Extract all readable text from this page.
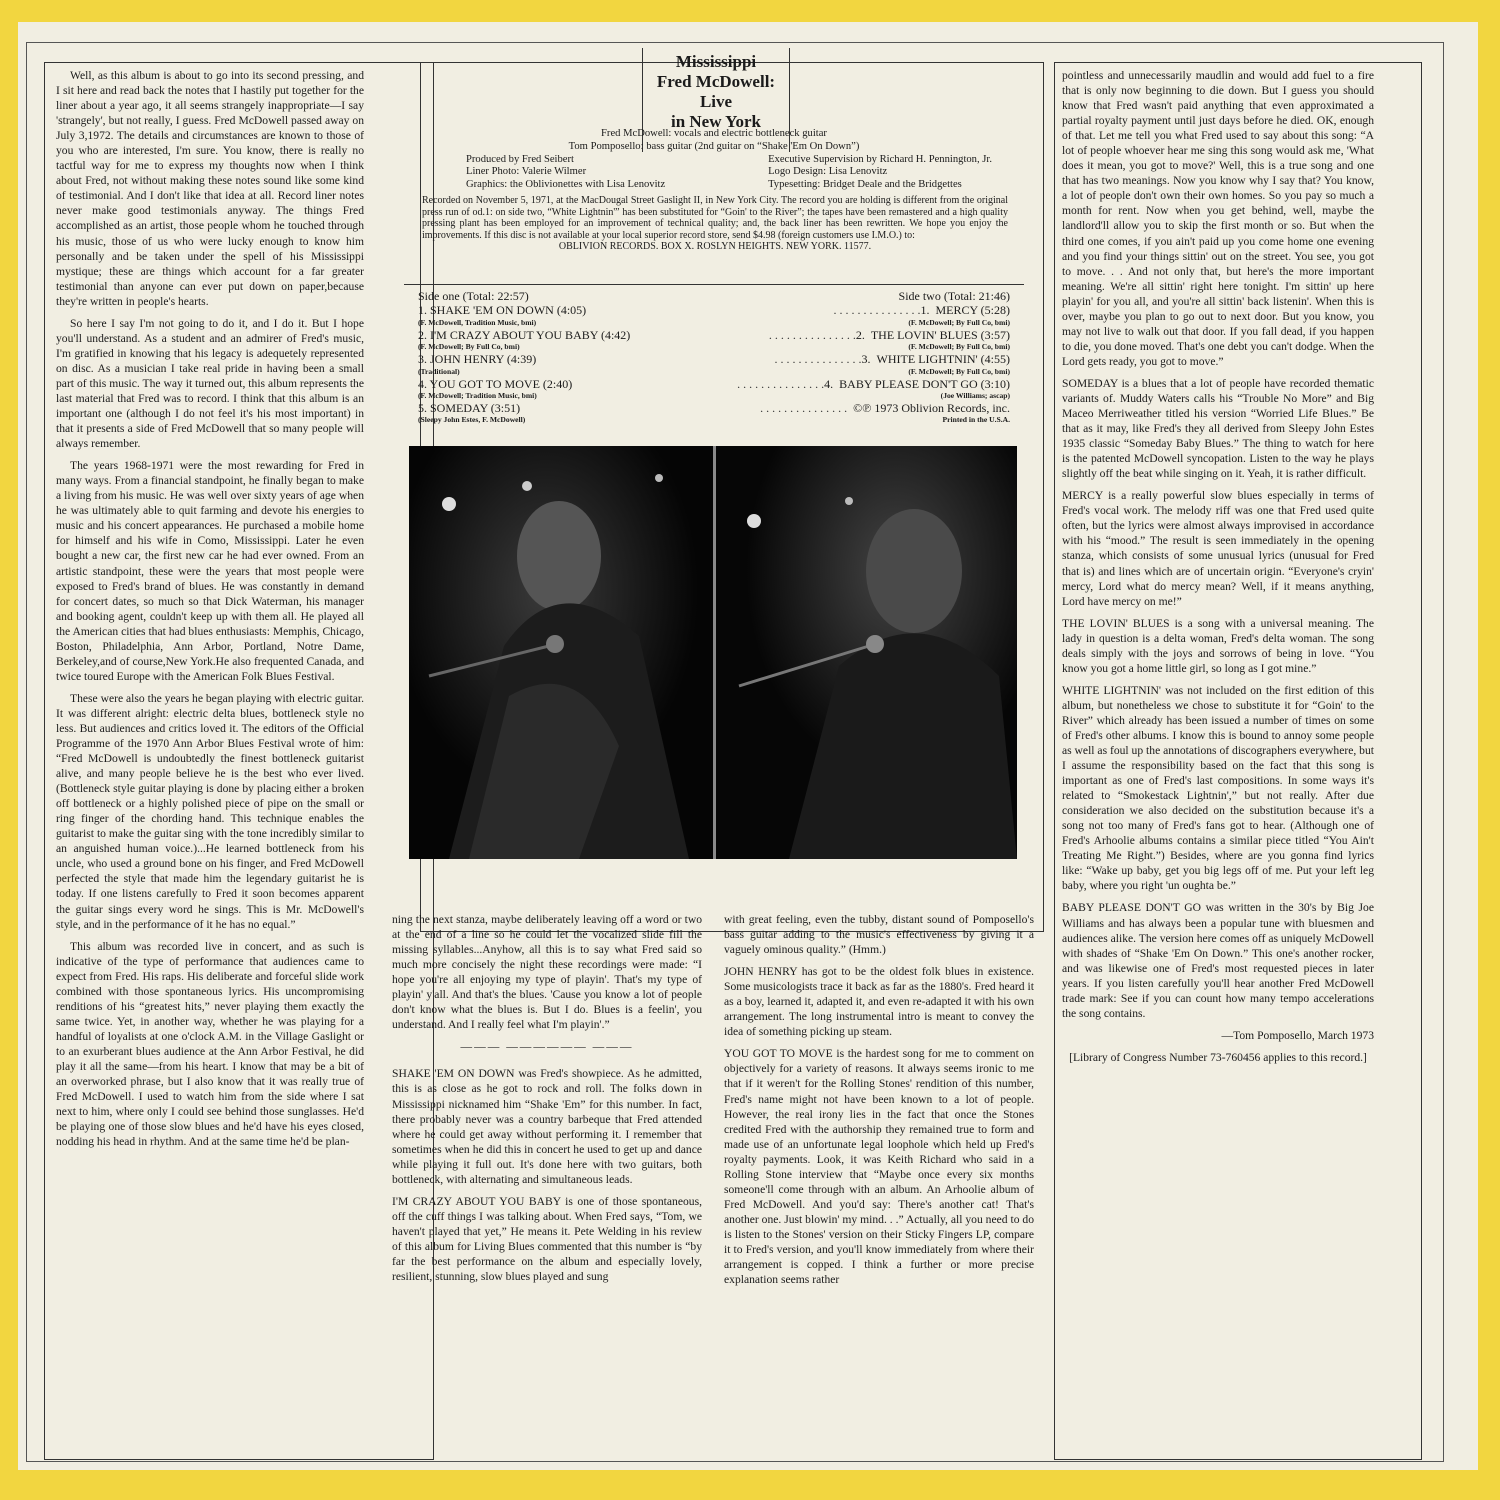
Mississippi
Fred McDowell:
Live
in New York
Fred McDowell: vocals and electric bottleneck guitar
Tom Pomposello: bass guitar (2nd guitar on “Shake 'Em On Down”)
Produced by Fred Seibert
Liner Photo: Valerie Wilmer
Graphics: the Oblivionettes with Lisa Lenovitz
Executive Supervision by Richard H. Pennington, Jr.
Logo Design: Lisa Lenovitz
Typesetting: Bridget Deale and the Bridgettes
Recorded on November 5, 1971, at the MacDougal Street Gaslight II, in New York City. The record you are holding is different from the original press run of od.1: on side two, “White Lightnin'” has been substituted for “Goin' to the River”; the tapes have been remastered and a high quality pressing plant has been employed for an improvement of technical quality; and, the back liner has been rewritten. We hope you enjoy the improvements. If this disc is not available at your local superior record store, send $4.98 (foreign customers use I.M.O.) to:
OBLIVION RECORDS. BOX X. ROSLYN HEIGHTS. NEW YORK. 11577.
Side one (Total: 22:57)	Side two (Total: 21:46)
1. SHAKE 'EM ON DOWN (4:05)	. . . . . . . . . . . . . . . 1. MERCY (5:28)
(F. McDowell, Tradition Music, bmi)	(F. McDowell; By Full Co, bmi)
2. I'M CRAZY ABOUT YOU BABY (4:42)	. . . . . . . . . . . . . . . 2. THE LOVIN' BLUES (3:57)
(F. McDowell; By Full Co, bmi)	(F. McDowell; By Full Co, bmi)
3. JOHN HENRY (4:39)	. . . . . . . . . . . . . . . 3. WHITE LIGHTNIN' (4:55)
(Traditional)	(F. McDowell; By Full Co, bmi)
4. YOU GOT TO MOVE (2:40)	. . . . . . . . . . . . . . . 4. BABY PLEASE DON'T GO (3:10)
(F. McDowell; Tradition Music, bmi)	(Joe Williams; ascap)
5. SOMEDAY (3:51)	. . . . . . . . . . . . . . . ©℗ 1973 Oblivion Records, inc.
(Sleepy John Estes, F. McDowell)	Printed in the U.S.A.

Well, as this album is about to go into its second pressing, and I sit here and read back the notes that I hastily put together for the liner about a year ago, it all seems strangely inappropriate—I say 'strangely', but not really, I guess. Fred McDowell passed away on July 3,1972. The details and circumstances are known to those of you who are interested, I'm sure. You know, there is really no tactful way for me to express my thoughts now when I think about Fred, not without making these notes sound like some kind of testimonial. And I don't like that idea at all. Record liner notes never make good testimonials anyway. The things Fred accomplished as an artist, those people whom he touched through his music, those of us who were lucky enough to know him personally and be taken under the spell of his Mississippi mystique; these are things which account for a far greater testimonial than anyone can ever put down on paper,because they're written in people's hearts.

So here I say I'm not going to do it, and I do it. But I hope you'll understand. As a student and an admirer of Fred's music, I'm gratified in knowing that his legacy is adequetely represented on disc. As a musician I take real pride in having been a small part of this music. The way it turned out, this album represents the last material that Fred was to record. I think that this album is an important one (although I do not feel it's his most important) in that it presents a side of Fred McDowell that so many people will always remember.

The years 1968-1971 were the most rewarding for Fred in many ways. From a financial standpoint, he finally began to make a living from his music. He was well over sixty years of age when he was ultimately able to quit farming and devote his energies to music and his concert appearances. He purchased a mobile home for himself and his wife in Como, Mississippi. Later he even bought a new car, the first new car he had ever owned. From an artistic standpoint, these were the years that most people were exposed to Fred's brand of blues. He was constantly in demand for concert dates, so much so that Dick Waterman, his manager and booking agent, couldn't keep up with them all. He played all the American cities that had blues enthusiasts: Memphis, Chicago, Boston, Philadelphia, Ann Arbor, Portland, Notre Dame, Berkeley,and of course,New York.He also frequented Canada, and twice toured Europe with the American Folk Blues Festival.

These were also the years he began playing with electric guitar. It was different alright: electric delta blues, bottleneck style no less. But audiences and critics loved it. The editors of the Official Programme of the 1970 Ann Arbor Blues Festival wrote of him: “Fred McDowell is undoubtedly the finest bottleneck guitarist alive, and many people believe he is the best who ever lived. (Bottleneck style guitar playing is done by placing either a broken off bottleneck or a highly polished piece of pipe on the small or ring finger of the chording hand. This technique enables the guitarist to make the guitar sing with the tone incredibly similar to an anguished human voice.)...He learned bottleneck from his uncle, who used a ground bone on his finger, and Fred McDowell perfected the style that made him the legendary guitarist he is today. If one listens carefully to Fred it soon becomes apparent the guitar sings every word he sings. This is Mr. McDowell's style, and in the performance of it he has no equal.”

This album was recorded live in concert, and as such is indicative of the type of performance that audiences came to expect from Fred. His raps. His deliberate and forceful slide work combined with those spontaneous lyrics. His uncompromising renditions of his “greatest hits,” never playing them exactly the same twice. Yet, in another way, whether he was playing for a handful of loyalists at one o'clock A.M. in the Village Gaslight or to an exurberant blues audience at the Ann Arbor Festival, he did play it all the same—from his heart. I know that may be a bit of an overworked phrase, but I also know that it was really true of Fred McDowell. I used to watch him from the side where I sat next to him, where only I could see behind those sunglasses. He'd be playing one of those slow blues and he'd have his eyes closed, nodding his head in rhythm. And at the same time he'd be plan-

ning the next stanza, maybe deliberately leaving off a word or two at the end of a line so he could let the vocalized slide fill the missing syllables...Anyhow, all this is to say what Fred said so much more concisely the night these recordings were made: “I hope you're all enjoying my type of playin'. That's my type of playin' y'all. And that's the blues. 'Cause you know a lot of people don't know what the blues is. But I do. Blues is a feelin', you understand. And I really feel what I'm playin'.”

——— —————— ———

SHAKE 'EM ON DOWN was Fred's showpiece. As he admitted, this is as close as he got to rock and roll. The folks down in Mississippi nicknamed him “Shake 'Em” for this number. In fact, there probably never was a country barbeque that Fred attended where he could get away without performing it. I remember that sometimes when he did this in concert he used to get up and dance while playing it full out. It's done here with two guitars, both bottleneck, with alternating and simultaneous leads.

I'M CRAZY ABOUT YOU BABY is one of those spontaneous, off the cuff things I was talking about. When Fred says, “Tom, we haven't played that yet,” He means it. Pete Welding in his review of this album for Living Blues commented that this number is “by far the best performance on the album and especially lovely, resilient, stunning, slow blues played and sung

with great feeling, even the tubby, distant sound of Pomposello's bass guitar adding to the music's effectiveness by giving it a vaguely ominous quality.” (Hmm.)

JOHN HENRY has got to be the oldest folk blues in existence. Some musicologists trace it back as far as the 1880's. Fred heard it as a boy, learned it, adapted it, and even re-adapted it with his own arrangement. The long instrumental intro is meant to convey the idea of something picking up steam.

YOU GOT TO MOVE is the hardest song for me to comment on objectively for a variety of reasons. It always seems ironic to me that if it weren't for the Rolling Stones' rendition of this number, Fred's name might not have been known to a lot of people. However, the real irony lies in the fact that once the Stones credited Fred with the authorship they remained true to form and made use of an unfortunate legal loophole which held up Fred's royalty payments. Look, it was Keith Richard who said in a Rolling Stone interview that “Maybe once every six months someone'll come through with an album. An Arhoolie album of Fred McDowell. And you'd say: There's another cat! That's another one. Just blowin' my mind. . .” Actually, all you need to do is listen to the Stones' version on their Sticky Fingers LP, compare it to Fred's version, and you'll know immediately from where their arrangement is copped. I think a further or more precise explanation seems rather

pointless and unnecessarily maudlin and would add fuel to a fire that is only now beginning to die down. But I guess you should know that Fred wasn't paid anything that even approximated a partial royalty payment until just days before he died. OK, enough of that. Let me tell you what Fred used to say about this song: “A lot of people whoever hear me sing this song would ask me, 'What does it mean, you got to move?' Well, this is a true song and one that has two meanings. Now you know why I say that? You know, a lot of people don't own their own homes. So you pay so much a month for rent. Now when you get behind, well, maybe the landlord'll allow you to skip the first month or so. But when the third one comes, if you ain't paid up you come home one evening and you find your things sittin' out on the street. You see, you got to move. . . And not only that, but here's the more important meaning. We're all sittin' right here tonight. I'm sittin' up here playin' for you all, and you're all sittin' back listenin'. When this is over, maybe you plan to go out to next door. But you know, you may not live to walk out that door. If you fall dead, if you happen to die, you done moved. That's one debt you can't dodge. When the Lord gets ready, you got to move.”

SOMEDAY is a blues that a lot of people have recorded thematic variants of. Muddy Waters calls his “Trouble No More” and Big Maceo Merriweather titled his version “Worried Life Blues.” Be that as it may, like Fred's they all derived from Sleepy John Estes 1935 classic “Someday Baby Blues.” The thing to watch for here is the patented McDowell syncopation. Listen to the way he plays slightly off the beat while singing on it. Yeah, it is rather difficult.

MERCY is a really powerful slow blues especially in terms of Fred's vocal work. The melody riff was one that Fred used quite often, but the lyrics were almost always improvised in accordance with his “mood.” The result is seen immediately in the opening stanza, which consists of some unusual lyrics (unusual for Fred that is) and lines which are of uncertain origin. “Everyone's cryin' mercy, Lord what do mercy mean? Well, if it means anything, Lord have mercy on me!”

THE LOVIN' BLUES is a song with a universal meaning. The lady in question is a delta woman, Fred's delta woman. The song deals simply with the joys and sorrows of being in love. “You know you got a home little girl, so long as I got mine.”

WHITE LIGHTNIN' was not included on the first edition of this album, but nonetheless we chose to substitute it for “Goin' to the River” which already has been issued a number of times on some of Fred's other albums. I know this is bound to annoy some people as well as foul up the annotations of discographers everywhere, but I assume the responsibility based on the fact that this song is important as one of Fred's last compositions. In some ways it's related to “Smokestack Lightnin',” but not really. After due consideration we also decided on the substitution because it's a song not too many of Fred's fans got to hear. (Although one of Fred's Arhoolie albums contains a similar piece titled “You Ain't Treating Me Right.”) Besides, where are you gonna find lyrics like: “Wake up baby, get you big legs off of me. Put your left leg baby, where you right 'un oughta be.”

BABY PLEASE DON'T GO was written in the 30's by Big Joe Williams and has always been a popular tune with bluesmen and audiences alike. The version here comes off as uniquely McDowell with shades of “Shake 'Em On Down.” This one's another rocker, and was likewise one of Fred's most requested pieces in later years. If you listen carefully you'll hear another Fred McDowell trade mark: See if you can count how many tempo accelerations the song contains.

—Tom Pomposello, March 1973

[Library of Congress Number 73-760456 applies to this record.]
